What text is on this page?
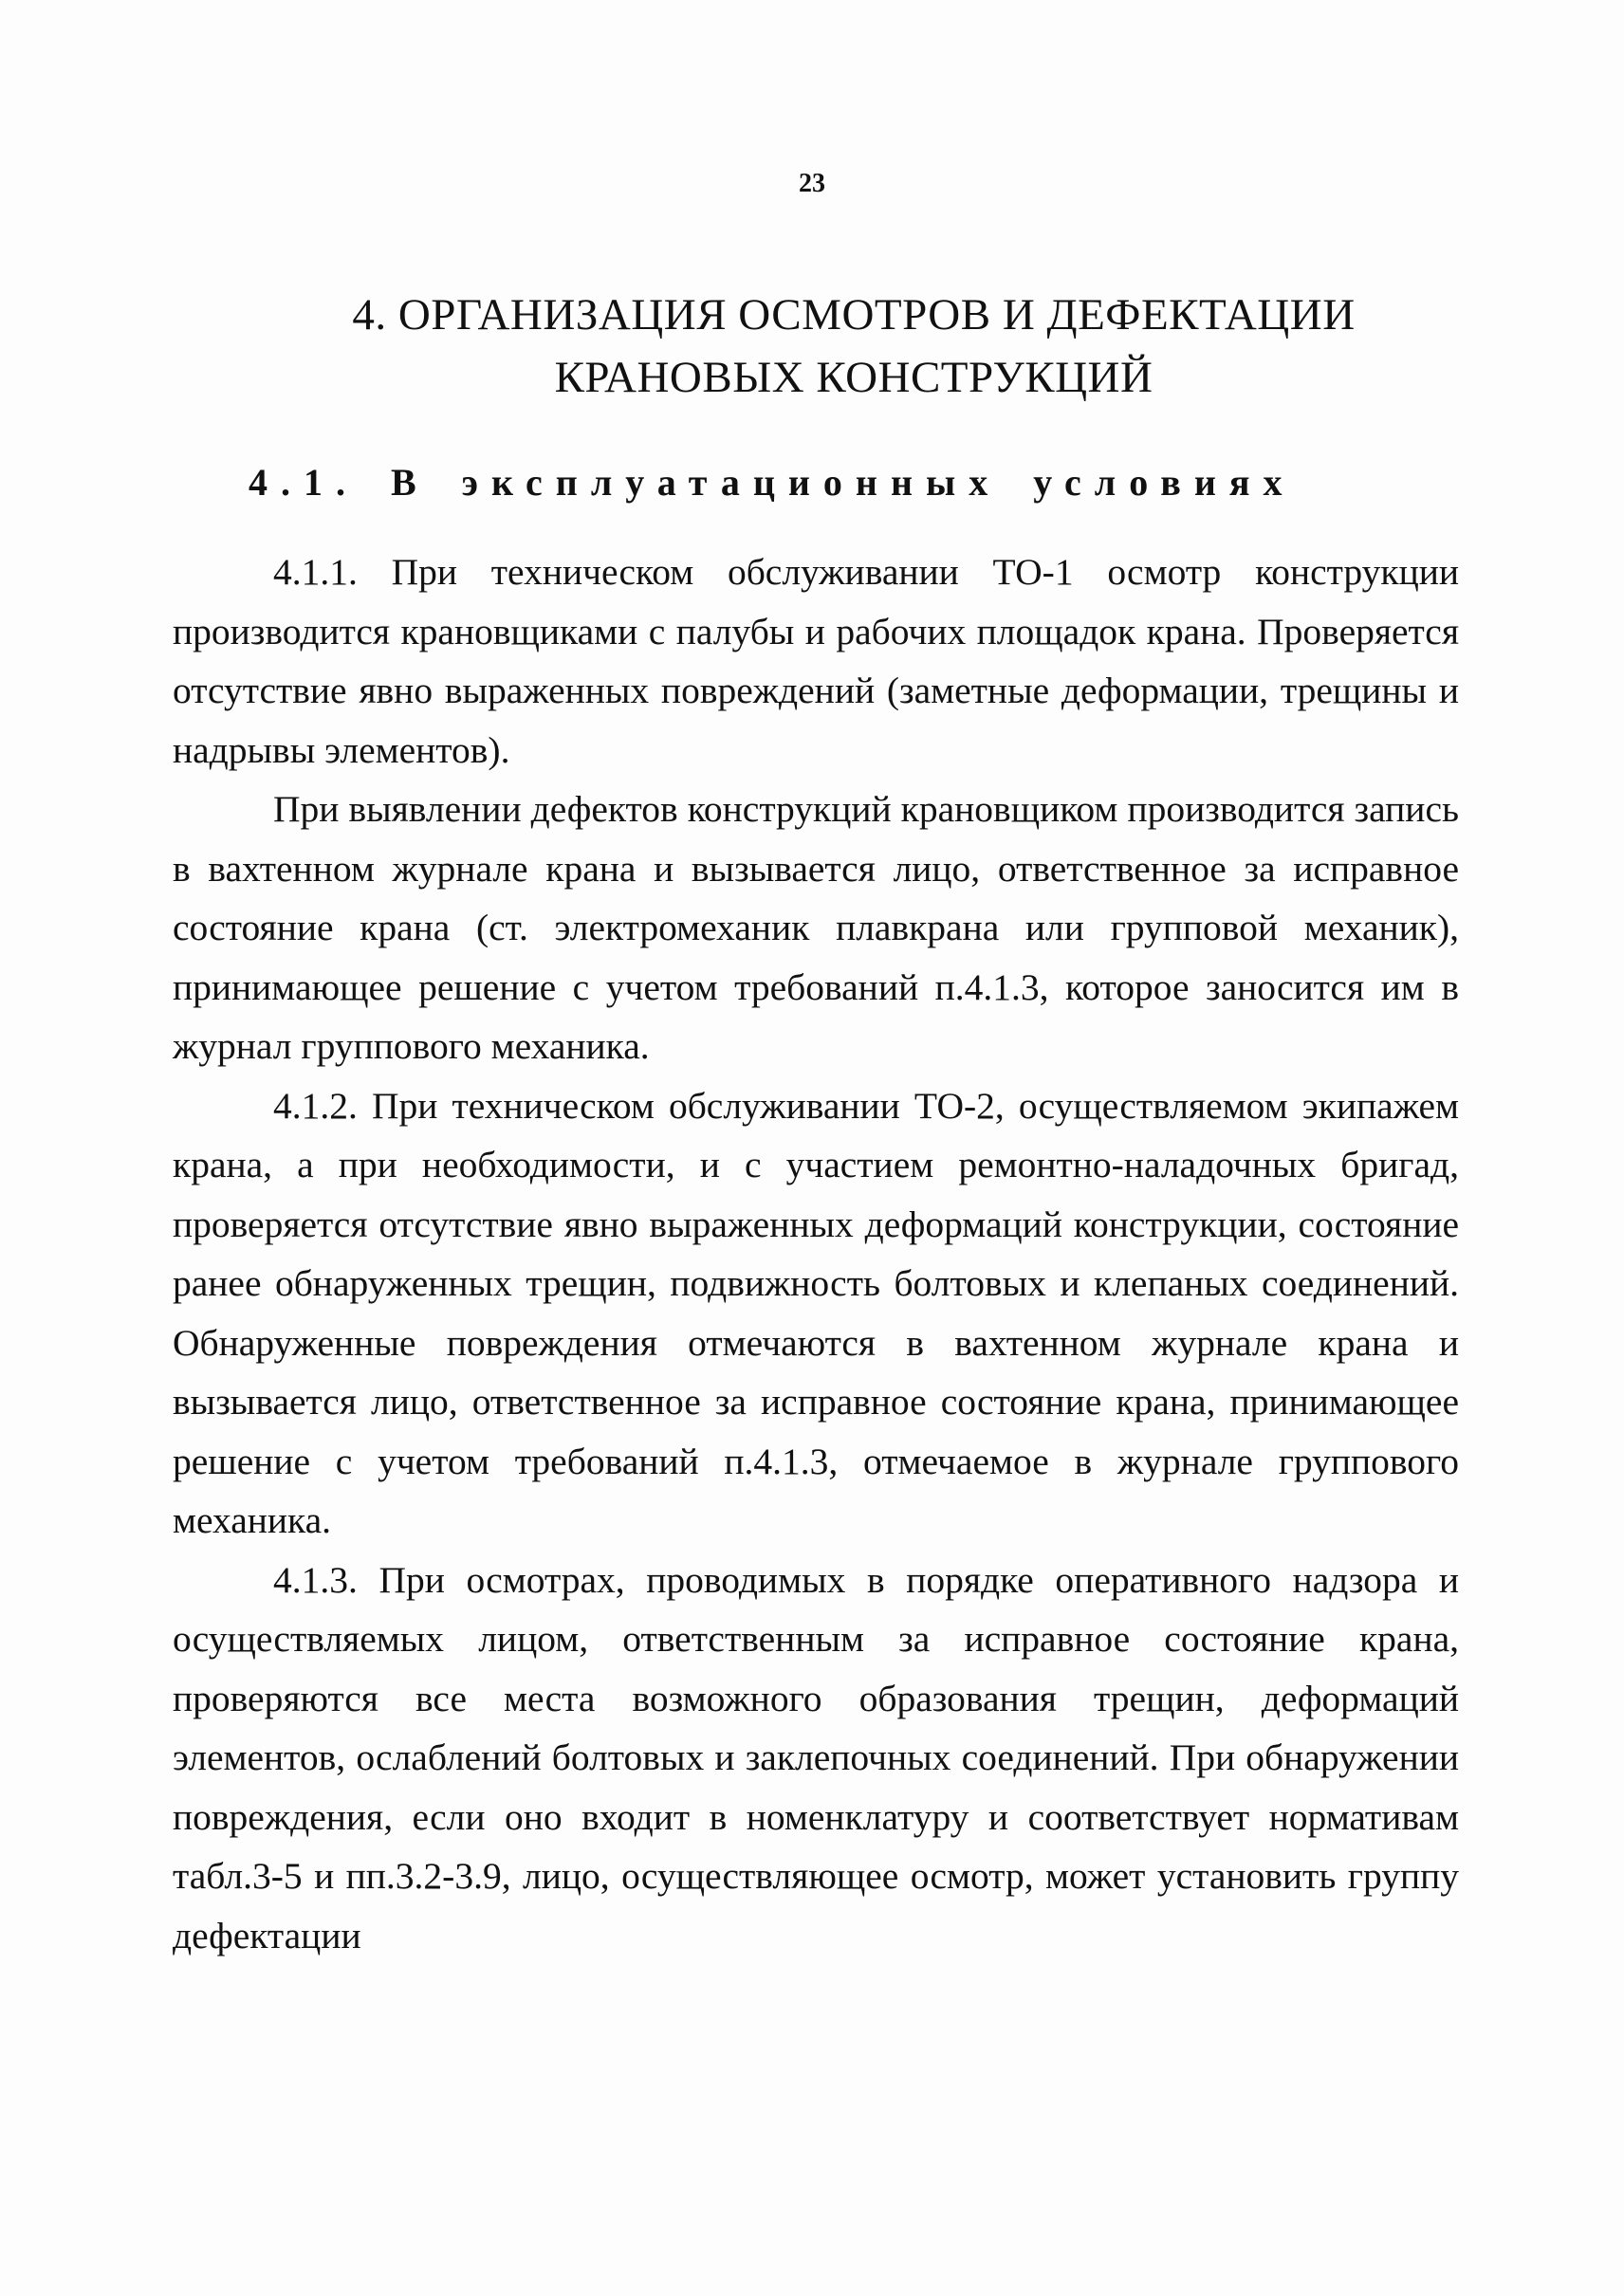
23
4. ОРГАНИЗАЦИЯ ОСМОТРОВ И ДЕФЕКТАЦИИ
КРАНОВЫХ КОНСТРУКЦИЙ
4.1. В эксплуатационных условиях

4.1.1. При техническом обслуживании ТО-1 осмотр конструкции производится крановщиками с палубы и рабочих площадок крана. Проверяется отсутствие явно выраженных повреждений (заметные деформации, трещины и надрывы элементов).

При выявлении дефектов конструкций крановщиком производится запись в вахтенном журнале крана и вызывается лицо, ответственное за исправное состояние крана (ст. электромеханик плавкрана или групповой механик), принимающее решение с учетом требований п.4.1.3, которое заносится им в журнал группового механика.

4.1.2. При техническом обслуживании ТО-2, осуществляемом экипажем крана, а при необходимости, и с участием ремонтно-наладочных бригад, проверяется отсутствие явно выраженных деформаций конструкции, состояние ранее обнаруженных трещин, подвижность болтовых и клепаных соединений. Обнаруженные повреждения отмечаются в вахтенном журнале крана и вызывается лицо, ответственное за исправное состояние крана, принимающее решение с учетом требований п.4.1.3, отмечаемое в журнале группового механика.

4.1.3. При осмотрах, проводимых в порядке оперативного надзора и осуществляемых лицом, ответственным за исправное состояние крана, проверяются все места возможного образования трещин, деформаций элементов, ослаблений болтовых и заклепочных соединений. При обнаружении повреждения, если оно входит в номенклатуру и соответствует нормативам табл.3-5 и пп.3.2-3.9, лицо, осуществляющее осмотр, может установить группу дефектации
